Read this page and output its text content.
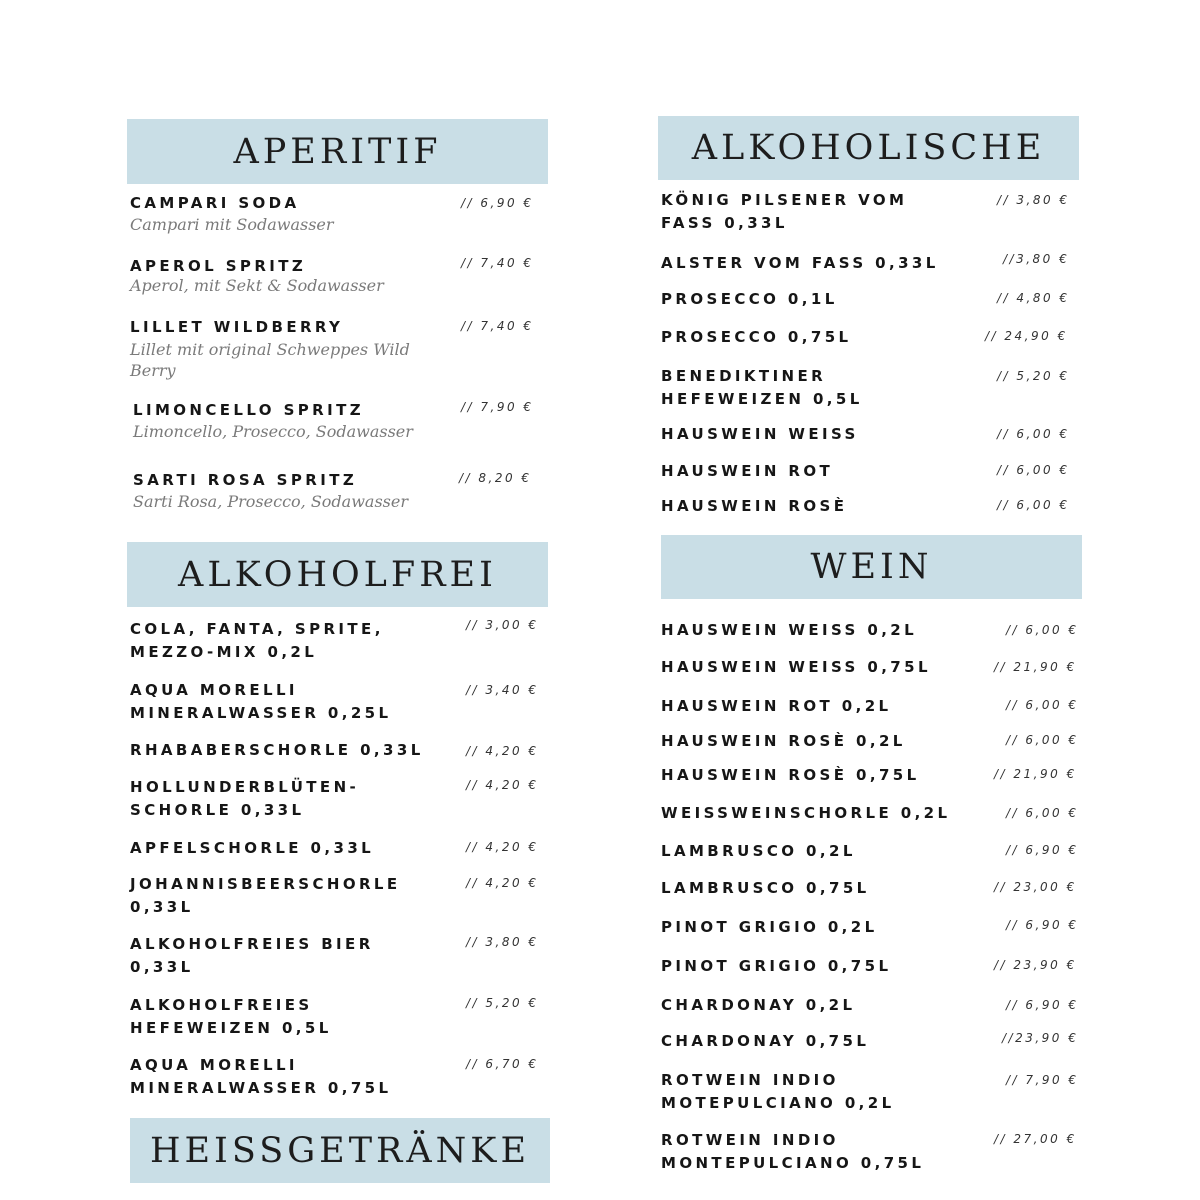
APERITIF
CAMPARI SODA	// 6,90 €
Campari mit Sodawasser
APEROL SPRITZ	// 7,40 €
Aperol, mit Sekt & Sodawasser
LILLET WILDBERRY	// 7,40 €
Lillet mit original Schweppes Wild
Berry
LIMONCELLO SPRITZ	// 7,90 €
Limoncello, Prosecco, Sodawasser
SARTI ROSA SPRITZ	// 8,20 €
Sarti Rosa, Prosecco, Sodawasser
ALKOHOLFREI
COLA, FANTA, SPRITE,
MEZZO-MIX 0,2L
// 3,00 €
AQUA MORELLI
MINERALWASSER 0,25L
// 3,40 €
RHABABERSCHORLE 0,33L	// 4,20 €
HOLLUNDERBLÜTEN-
SCHORLE 0,33L
// 4,20 €
APFELSCHORLE 0,33L	// 4,20 €
JOHANNISBEERSCHORLE
0,33L
// 4,20 €
ALKOHOLFREIES BIER
0,33L
// 3,80 €
ALKOHOLFREIES
HEFEWEIZEN 0,5L
// 5,20 €
AQUA MORELLI
MINERALWASSER 0,75L
// 6,70 €
HEISSGETRÄNKE
ALKOHOLISCHE
KÖNIG PILSENER VOM
FASS 0,33L
// 3,80 €
ALSTER VOM FASS 0,33L	//3,80 €
PROSECCO 0,1L	// 4,80 €
PROSECCO 0,75L	// 24,90 €
BENEDIKTINER
HEFEWEIZEN 0,5L
// 5,20 €
HAUSWEIN WEISS	// 6,00 €
HAUSWEIN ROT	// 6,00 €
HAUSWEIN ROSÈ	// 6,00 €
WEIN
HAUSWEIN WEISS 0,2L	// 6,00 €
HAUSWEIN WEISS 0,75L	// 21,90 €
HAUSWEIN ROT 0,2L	// 6,00 €
HAUSWEIN ROSÈ 0,2L	// 6,00 €
HAUSWEIN ROSÈ 0,75L	// 21,90 €
WEISSWEINSCHORLE 0,2L	// 6,00 €
LAMBRUSCO 0,2L	// 6,90 €
LAMBRUSCO 0,75L	// 23,00 €
PINOT GRIGIO 0,2L	// 6,90 €
PINOT GRIGIO 0,75L	// 23,90 €
CHARDONAY 0,2L	// 6,90 €
CHARDONAY 0,75L	//23,90 €
ROTWEIN INDIO
MOTEPULCIANO 0,2L
// 7,90 €
ROTWEIN INDIO
MONTEPULCIANO 0,75L
// 27,00 €
